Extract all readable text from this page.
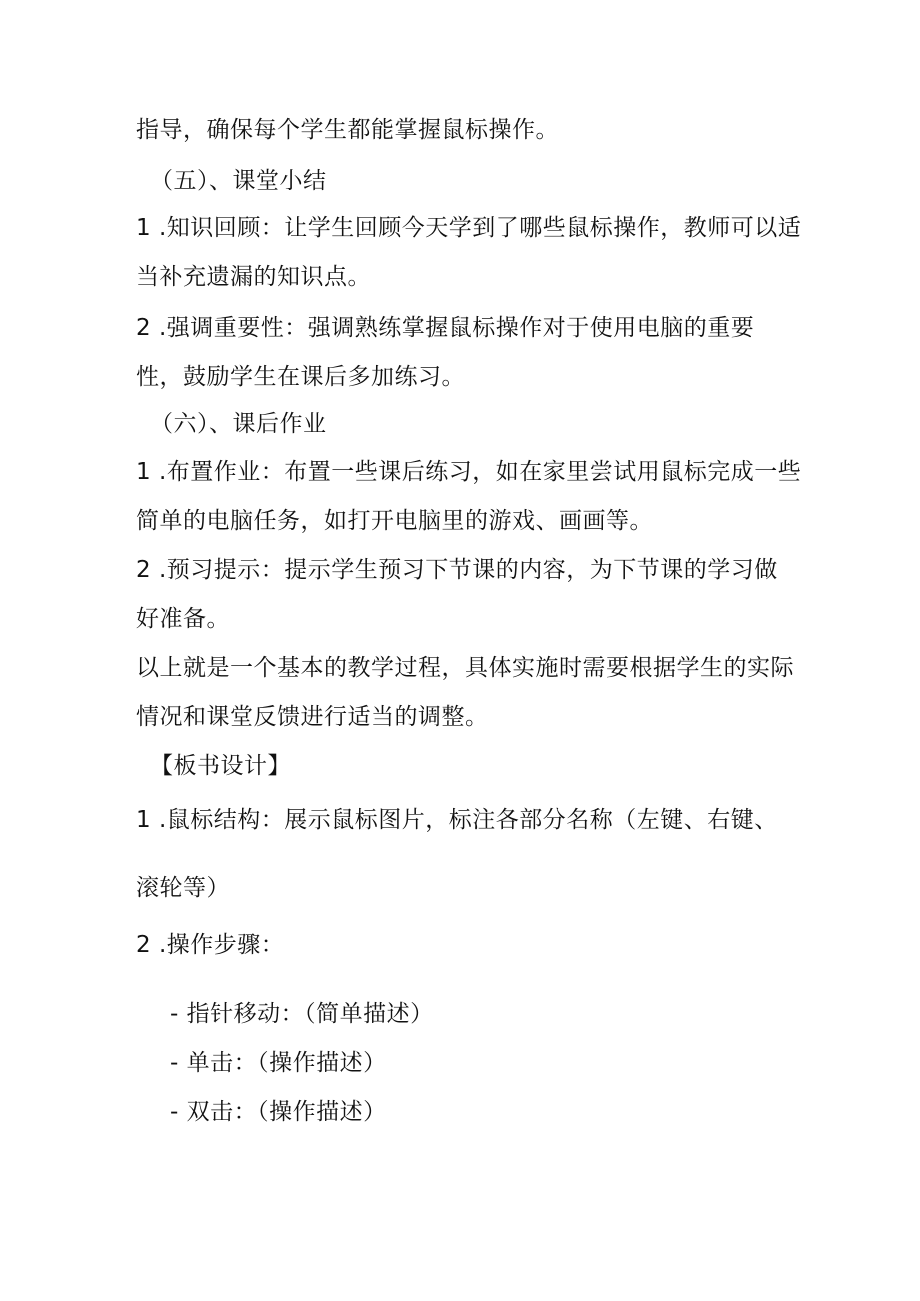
指导，确保每个学生都能掌握鼠标操作。
（五）、课堂小结
1 .知识回顾：让学生回顾今天学到了哪些鼠标操作，教师可以适
当补充遗漏的知识点。
2 .强调重要性：强调熟练掌握鼠标操作对于使用电脑的重要
性，鼓励学生在课后多加练习。
（六）、课后作业
1 .布置作业：布置一些课后练习，如在家里尝试用鼠标完成一些
简单的电脑任务，如打开电脑里的游戏、画画等。
2 .预习提示：提示学生预习下节课的内容，为下节课的学习做
好准备。
以上就是一个基本的教学过程，具体实施时需要根据学生的实际
情况和课堂反馈进行适当的调整。
【板书设计】
1 .鼠标结构：展示鼠标图片，标注各部分名称（左键、右键、
滚轮等）
2 .操作步骤：
- 指针移动：（简单描述）
- 单击：（操作描述）
- 双击：（操作描述）
